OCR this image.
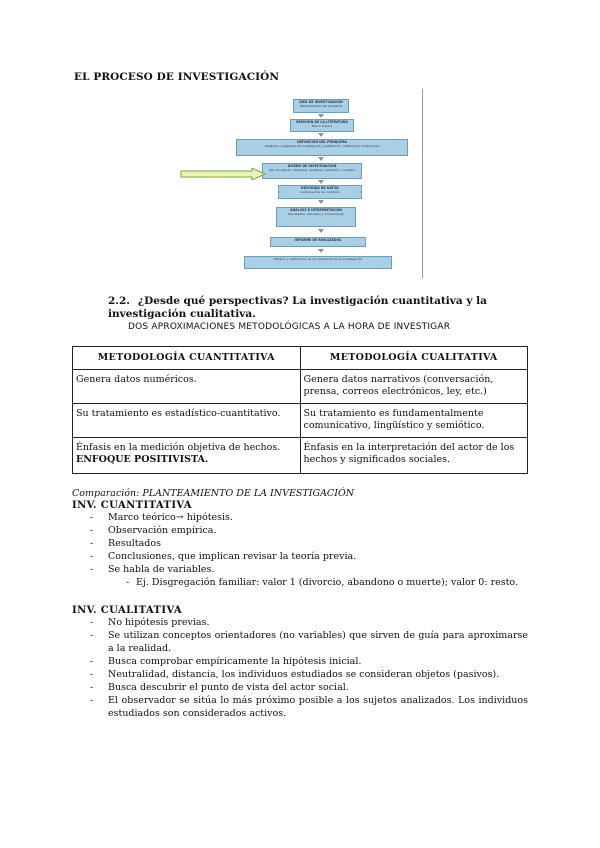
EL PROCESO DE INVESTIGACIÓN
IDEA DE INVESTIGACIÓN
Planteamiento del problema
REVISIÓN DE LA LITERATURA
Marco teórico
DEFINICIÓN DEL PROBLEMA
Objetivos, preguntas de investigación, justificación, viabilidad y limitaciones
DISEÑO DE INVESTIGACIÓN
Tipo de estudio, hipótesis, variables, población y muestra
RECOGIDA DE DATOS
Instrumentos de medición
ANÁLISIS E INTERPRETACIÓN
Resultados, discusión y conclusiones
INFORME DE RESULTADOS
Difusión y publicación de los resultados de la investigación
2.2. ¿Desde qué perspectivas? La investigación cuantitativa y la investigación cualitativa.
DOS APROXIMACIONES METODOLÓGICAS A LA HORA DE INVESTIGAR
METODOLOGÍA CUANTITATIVA	METODOLOGÍA CUALITATIVA
Genera datos numéricos.	Genera datos narrativos (conversación, prensa, correos electrónicos, ley, etc.)
Su tratamiento es estadístico-cuantitativo.	Su tratamiento es fundamentalmente comunicativo, lingüístico y semiótico.

Énfasis en la medición objetiva de hechos.
ENFOQUE POSITIVISTA.	Énfasis en la interpretación del actor de los hechos y significados sociales.
Comparación: PLANTEAMIENTO DE LA INVESTIGACIÓN
INV. CUANTITATIVA
- Marco teórico→ hipótesis.
- Observación empírica.
- Resultados
- Conclusiones, que implican revisar la teoría previa.
- Se habla de variables.
- Ej. Disgregación familiar: valor 1 (divorcio, abandono o muerte); valor 0: resto.
INV. CUALITATIVA
- No hipótesis previas.
- Se utilizan conceptos orientadores (no variables) que sirven de guía para aproximarse a la realidad.
- Busca comprobar empíricamente la hipótesis inicial.
- Neutralidad, distancia, los individuos estudiados se consideran objetos (pasivos).
- Busca descubrir el punto de vista del actor social.
- El observador se sitúa lo más próximo posible a los sujetos analizados. Los individuos estudiados son considerados activos.
